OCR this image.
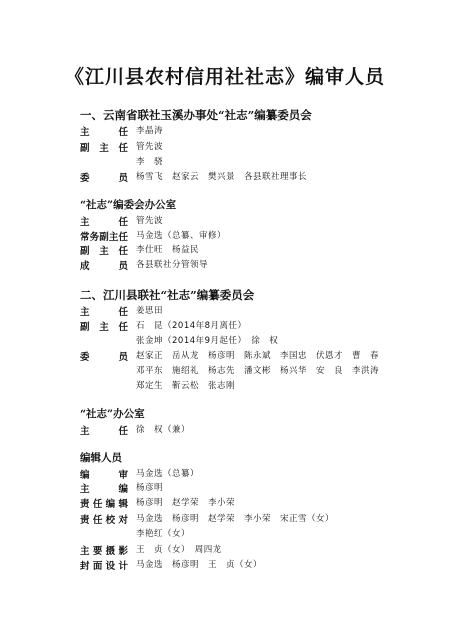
《江川县农村信用社社志》编审人员
一、云南省联社玉溪办事处“社志”编纂委员会
主	任 李晶涛
副 主 任 管先波
李　骁
委	员 杨雪飞　赵家云　樊兴景　各县联社理事长
“社志”编委会办公室
主	任 管先波
常 务 副 主 任 马金选（总纂、审修）
副 主 任 李仕旺　杨益民
成	员 各县联社分管领导
二、江川县联社“社志”编纂委员会
主	任 姜思田
副 主 任 石　昆（2014年8月离任）
张金坤（2014年9月起任）　徐　权
委	员 赵家正　岳从龙　杨彦明　陈永斌　李国忠　伏恩才　曹　春
邓平东　施绍礼　杨志先　潘文彬　杨兴华　安　良　李洪涛
郑定生　靳云松　张志刚
“社志”办公室
主	任 徐　权（兼）
编辑人员
编	审 马金选（总纂）
主	编 杨彦明
责 任 编 辑 杨彦明　赵学荣　李小荣
责 任 校 对 马金选　杨彦明　赵学荣　李小荣　宋正雪（女）
李艳红（女）
主 要 摄 影 王　贞（女）　周四龙
封 面 设 计 马金选　杨彦明　王　贞（女）
